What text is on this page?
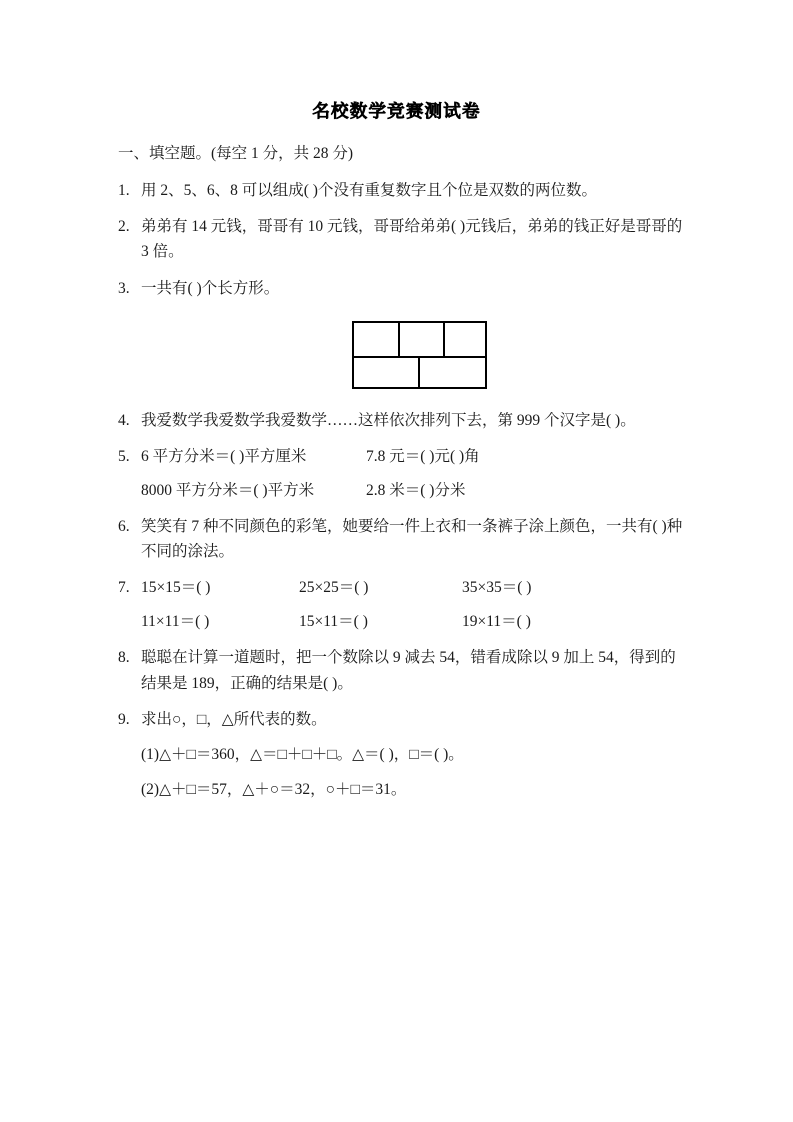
名校数学竞赛测试卷
一、填空题。(每空 1 分，共 28 分)
1. 用 2、5、6、8 可以组成( )个没有重复数字且个位是双数的两位数。
2. 弟弟有 14 元钱，哥哥有 10 元钱，哥哥给弟弟( )元钱后，弟弟的钱正好是哥哥的 3 倍。
3. 一共有( )个长方形。
4. 我爱数学我爱数学我爱数学……这样依次排列下去，第 999 个汉字是( )。
5. 6 平方分米＝( )平方厘米	7.8 元＝( )元( )角
8000 平方分米＝( )平方米	2.8 米＝( )分米
6. 笑笑有 7 种不同颜色的彩笔，她要给一件上衣和一条裤子涂上颜色，一共有( )种不同的涂法。
7. 15×15＝( )	25×25＝( )	35×35＝( )
11×11＝( )	15×11＝( )	19×11＝( )
8. 聪聪在计算一道题时，把一个数除以 9 减去 54，错看成除以 9 加上 54，得到的结果是 189，正确的结果是( )。
9. 求出○，□，△所代表的数。
(1)△＋□＝360，△＝□＋□＋□。△＝( )，□＝( )。
(2)△＋□＝57，△＋○＝32，○＋□＝31。
